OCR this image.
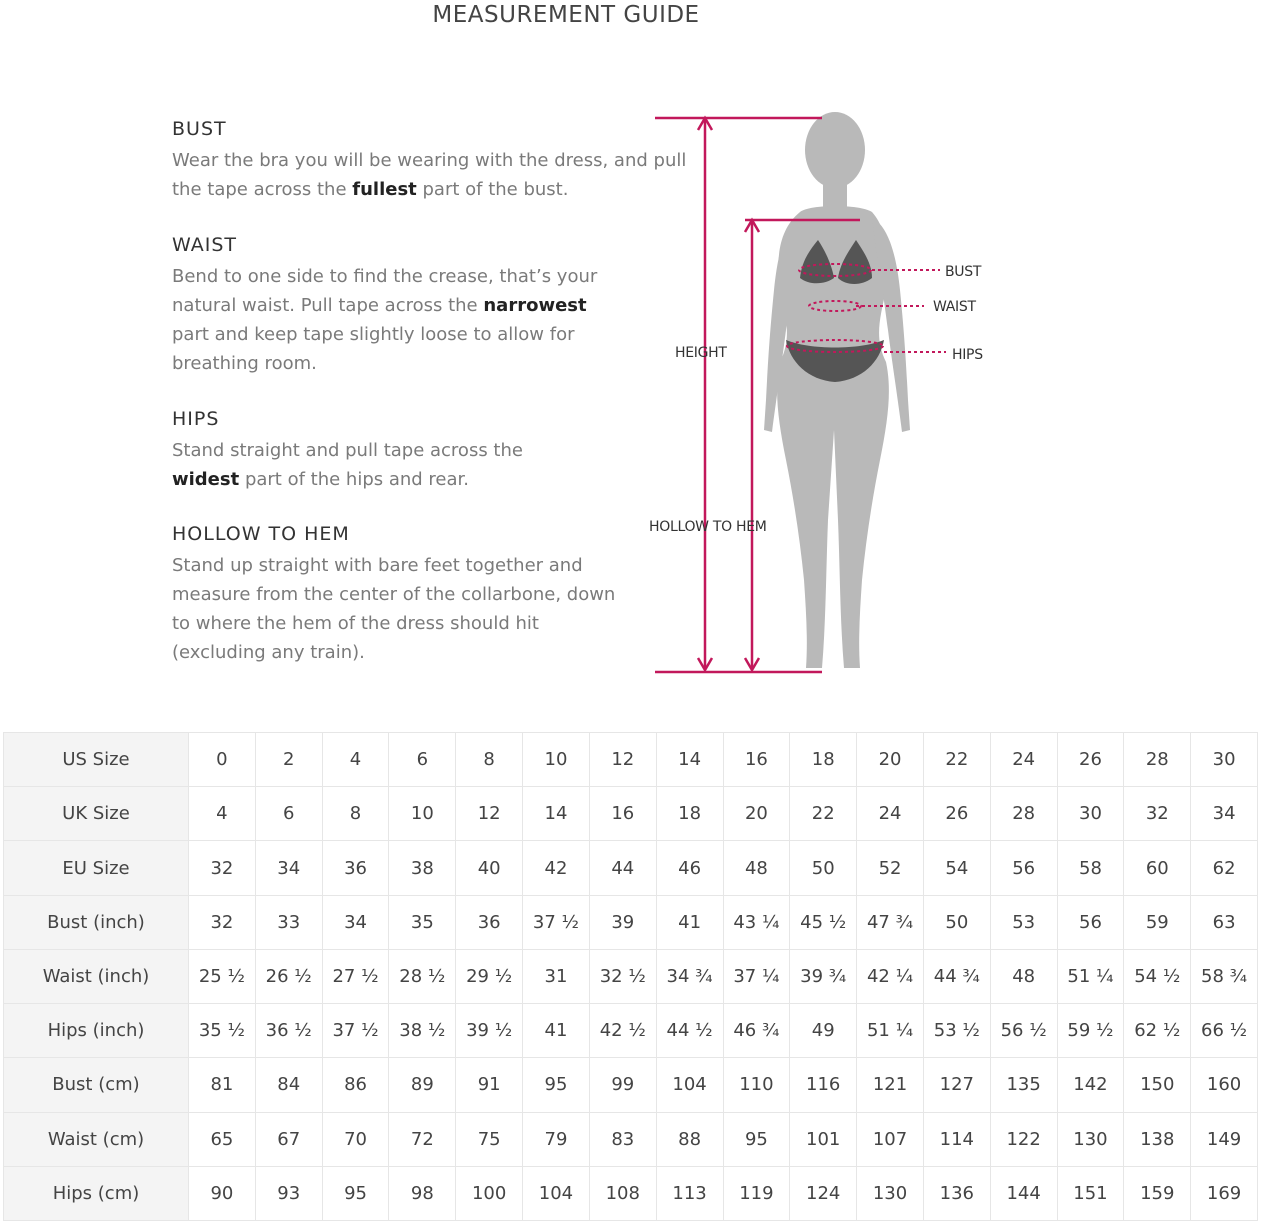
MEASUREMENT GUIDE
BUST

Wear the bra you will be wearing with the dress, and pull the tape across the fullest part of the bust.

WAIST

Bend to one side to find the crease, that’s your natural waist. Pull tape across the narrowest part and keep tape slightly loose to allow for breathing room.

HIPS

Stand straight and pull tape across the widest part of the hips and rear.

HOLLOW TO HEM

Stand up straight with bare feet together and measure from the center of the collarbone, down to where the hem of the dress should hit (excluding any train).

HEIGHT
HOLLOW TO HEM
BUST
WAIST
HIPS
US Size	0	2	4	6	8	10	12	14	16	18	20	22	24	26	28	30
UK Size	4	6	8	10	12	14	16	18	20	22	24	26	28	30	32	34
EU Size	32	34	36	38	40	42	44	46	48	50	52	54	56	58	60	62
Bust (inch)	32	33	34	35	36	37 ½	39	41	43 ¼	45 ½	47 ¾	50	53	56	59	63
Waist (inch)	25 ½	26 ½	27 ½	28 ½	29 ½	31	32 ½	34 ¾	37 ¼	39 ¾	42 ¼	44 ¾	48	51 ¼	54 ½	58 ¾
Hips (inch)	35 ½	36 ½	37 ½	38 ½	39 ½	41	42 ½	44 ½	46 ¾	49	51 ¼	53 ½	56 ½	59 ½	62 ½	66 ½
Bust (cm)	81	84	86	89	91	95	99	104	110	116	121	127	135	142	150	160
Waist (cm)	65	67	70	72	75	79	83	88	95	101	107	114	122	130	138	149
Hips (cm)	90	93	95	98	100	104	108	113	119	124	130	136	144	151	159	169
